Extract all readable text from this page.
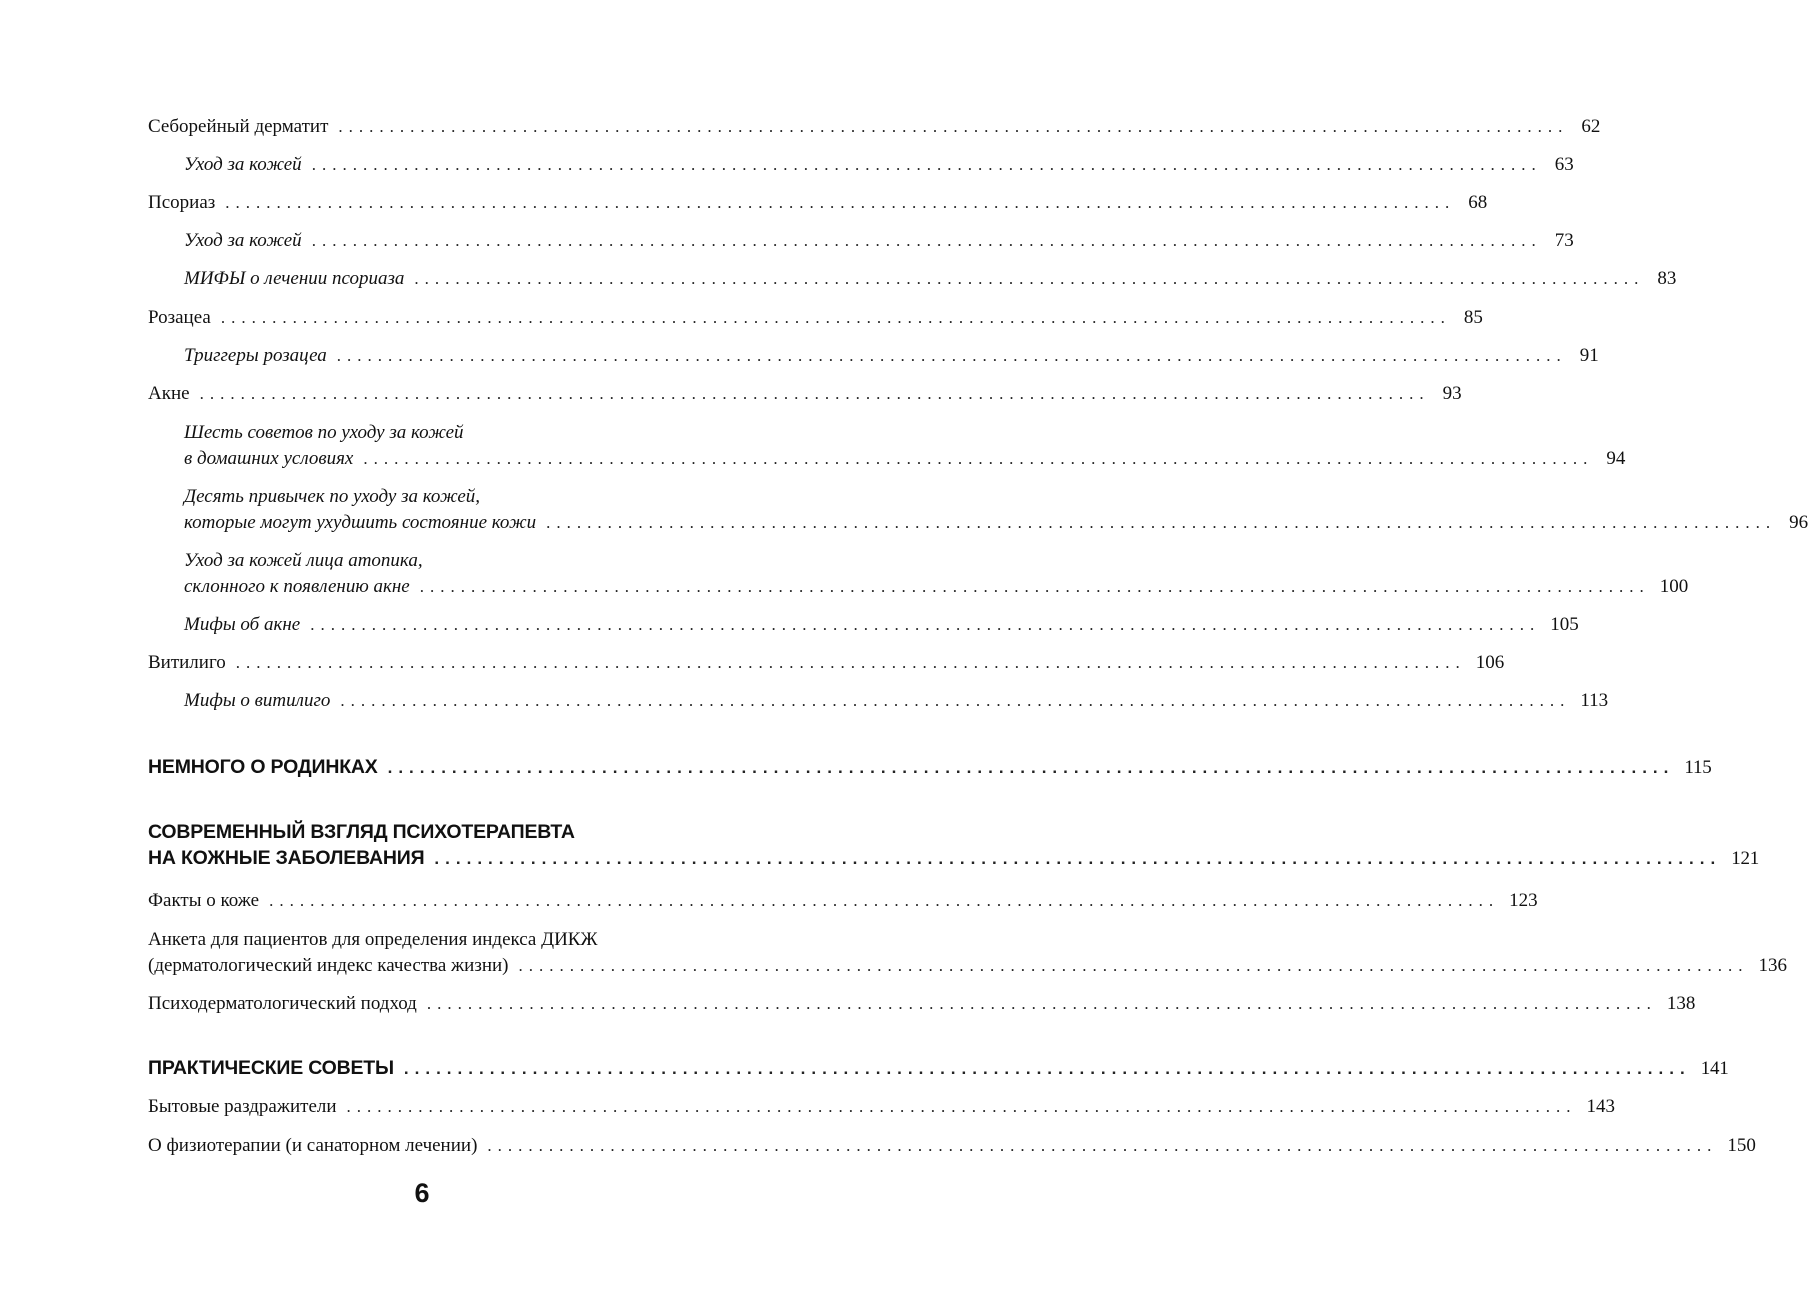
Себорейный дерматит ........................................................................................................................ 62
Уход за кожей ........................................................................................................................ 63
Псориаз ........................................................................................................................ 68
Уход за кожей ........................................................................................................................ 73
МИФЫ о лечении псориаза ........................................................................................................................ 83
Розацеа ........................................................................................................................ 85
Триггеры розацеа ........................................................................................................................ 91
Акне ........................................................................................................................ 93
Шесть советов по уходу за кожей
в домашних условиях ........................................................................................................................ 94
Десять привычек по уходу за кожей,
которые могут ухудшить состояние кожи ........................................................................................................................ 96
Уход за кожей лица атопика,
склонного к появлению акне ........................................................................................................................ 100
Мифы об акне ........................................................................................................................ 105
Витилиго ........................................................................................................................ 106
Мифы о витилиго ........................................................................................................................ 113
НЕМНОГО О РОДИНКАХ ........................................................................................................................ 115
СОВРЕМЕННЫЙ ВЗГЛЯД ПСИХОТЕРАПЕВТА
НА КОЖНЫЕ ЗАБОЛЕВАНИЯ ........................................................................................................................ 121
Факты о коже ........................................................................................................................ 123
Анкета для пациентов для определения индекса ДИКЖ
(дерматологический индекс качества жизни) ........................................................................................................................ 136
Психодерматологический подход ........................................................................................................................ 138
ПРАКТИЧЕСКИЕ СОВЕТЫ ........................................................................................................................ 141
Бытовые раздражители ........................................................................................................................ 143
О физиотерапии (и санаторном лечении) ........................................................................................................................ 150
6
